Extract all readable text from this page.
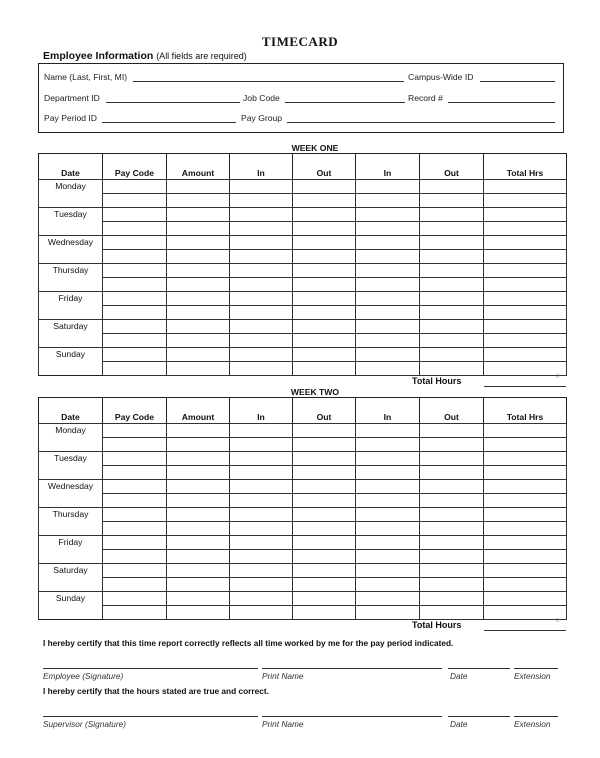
TIMECARD
Employee Information (All fields are required)
Name (Last, First, MI)	Campus-Wide ID
Department ID	Job Code	Record #
Pay Period ID	Pay Group
WEEK ONE
Date	Pay Code	Amount	In	Out	In	Out	Total Hrs
Monday							

Tuesday							

Wednesday							

Thursday							

Friday							

Saturday							

Sunday							

Total Hours	0
WEEK TWO
Date	Pay Code	Amount	In	Out	In	Out	Total Hrs
Monday							

Tuesday							

Wednesday							

Thursday							

Friday							

Saturday							

Sunday							

Total Hours	0
I hereby certify that this time report correctly reflects all time worked by me for the pay period indicated.
Employee (Signature)	Print Name	Date	Extension
I hereby certify that the hours stated are true and correct.
Supervisor (Signature)	Print Name	Date	Extension
